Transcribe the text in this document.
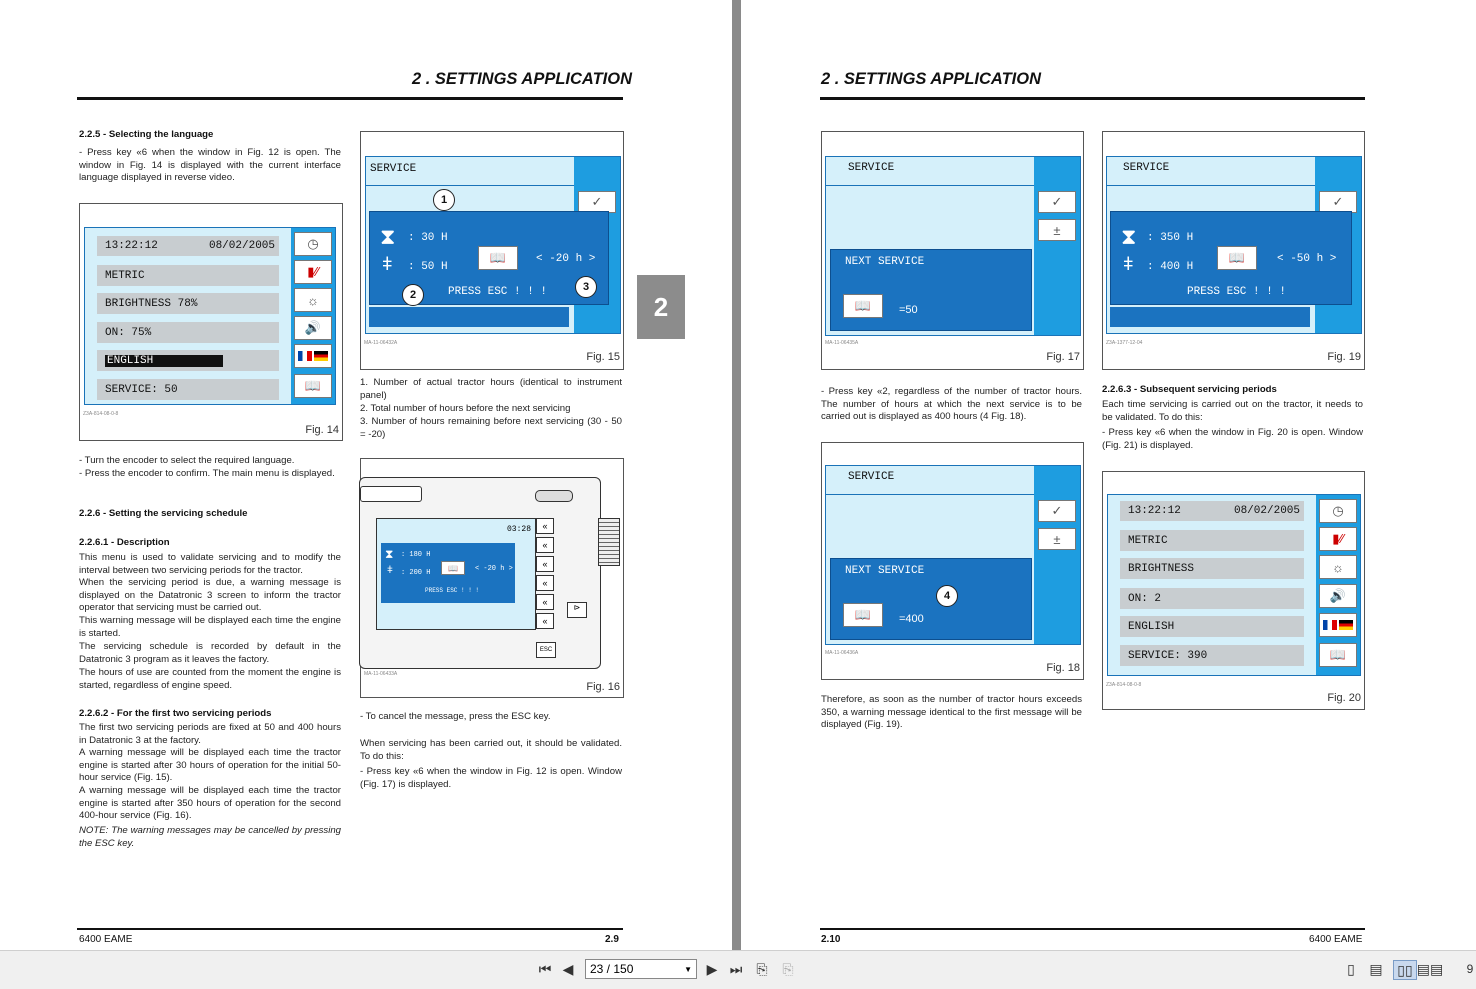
2 . SETTINGS APPLICATION
2.2.5 - Selecting the language
- Press key «6 when the window in Fig. 12 is open. The window in Fig. 14 is displayed with the current interface language displayed in reverse video.
13:22:12	08/02/2005
METRIC
BRIGHTNESS 78%
ON: 75%
ENGLISH
SERVICE: 50
◷
▮∕∕
☼
🔊
📖
Z3A-814-08-0-8
Fig. 14
- Turn the encoder to select the required language.
- Press the encoder to confirm. The main menu is displayed.
2.2.6 - Setting the servicing schedule
2.2.6.1 - Description
This menu is used to validate servicing and to modify the interval between two servicing periods for the tractor.
When the servicing period is due, a warning message is displayed on the Datatronic 3 screen to inform the tractor operator that servicing must be carried out.
This warning message will be displayed each time the engine is started.
The servicing schedule is recorded by default in the Datatronic 3 program as it leaves the factory.
The hours of use are counted from the moment the engine is started, regardless of engine speed.
2.2.6.2 - For the first two servicing periods
The first two servicing periods are fixed at 50 and 400 hours in Datatronic 3 at the factory.
A warning message will be displayed each time the tractor engine is started after 30 hours of operation for the initial 50-hour service (Fig. 15).
A warning message will be displayed each time the tractor engine is started after 350 hours of operation for the second 400-hour service (Fig. 16).
NOTE: The warning messages may be cancelled by pressing the ESC key.
SERVICE
✓
⧗ : 30 H
ǂ : 50 H
📖	< -20 h >
PRESS ESC ! ! !
1
2
3
MA-11-06432A
Fig. 15
1. Number of actual tractor hours (identical to instrument panel)
2. Total number of hours before the next servicing
3. Number of hours remaining before next servicing (30 - 50 = -20)
03:28
⧗ : 180 H
ǂ : 200 H
📖	< -20 h >
PRESS ESC ! ! !
«
«
«
«
«
«
⊳
ESC
MA-11-06433A
Fig. 16
- To cancel the message, press the ESC key.
When servicing has been carried out, it should be validated. To do this:
- Press key «6 when the window in Fig. 12 is open. Window (Fig. 17) is displayed.
6400 EAME	2.9
2
2 . SETTINGS APPLICATION
SERVICE
✓
±
NEXT SERVICE
📖	=50
MA-11-06435A
Fig. 17
SERVICE
✓
⧗ : 350 H
ǂ : 400 H
📖	< -50 h >
PRESS ESC ! ! !
Z3A-1377-12-04
Fig. 19
- Press key «2, regardless of the number of tractor hours. The number of hours at which the next service is to be carried out is displayed as 400 hours (4 Fig. 18).
2.2.6.3 - Subsequent servicing periods
Each time servicing is carried out on the tractor, it needs to be validated. To do this:
- Press key «6 when the window in Fig. 20 is open. Window (Fig. 21) is displayed.
SERVICE
✓
±
NEXT SERVICE
📖	=400
4
MA-11-06436A
Fig. 18
13:22:12	08/02/2005
METRIC
BRIGHTNESS
ON: 2
ENGLISH
SERVICE: 390
◷
▮∕∕
☼
🔊
📖
Z3A-814-08-0-8
Fig. 20
Therefore, as soon as the number of tractor hours exceeds 350, a warning message identical to the first message will be displayed (Fig. 19).
2.10	6400 EAME
⏮ ◀ 23 / 150	▼ ▶ ⏭ ⎘ ⎘	▯ ▤	▯▯ ▤▤ 9
